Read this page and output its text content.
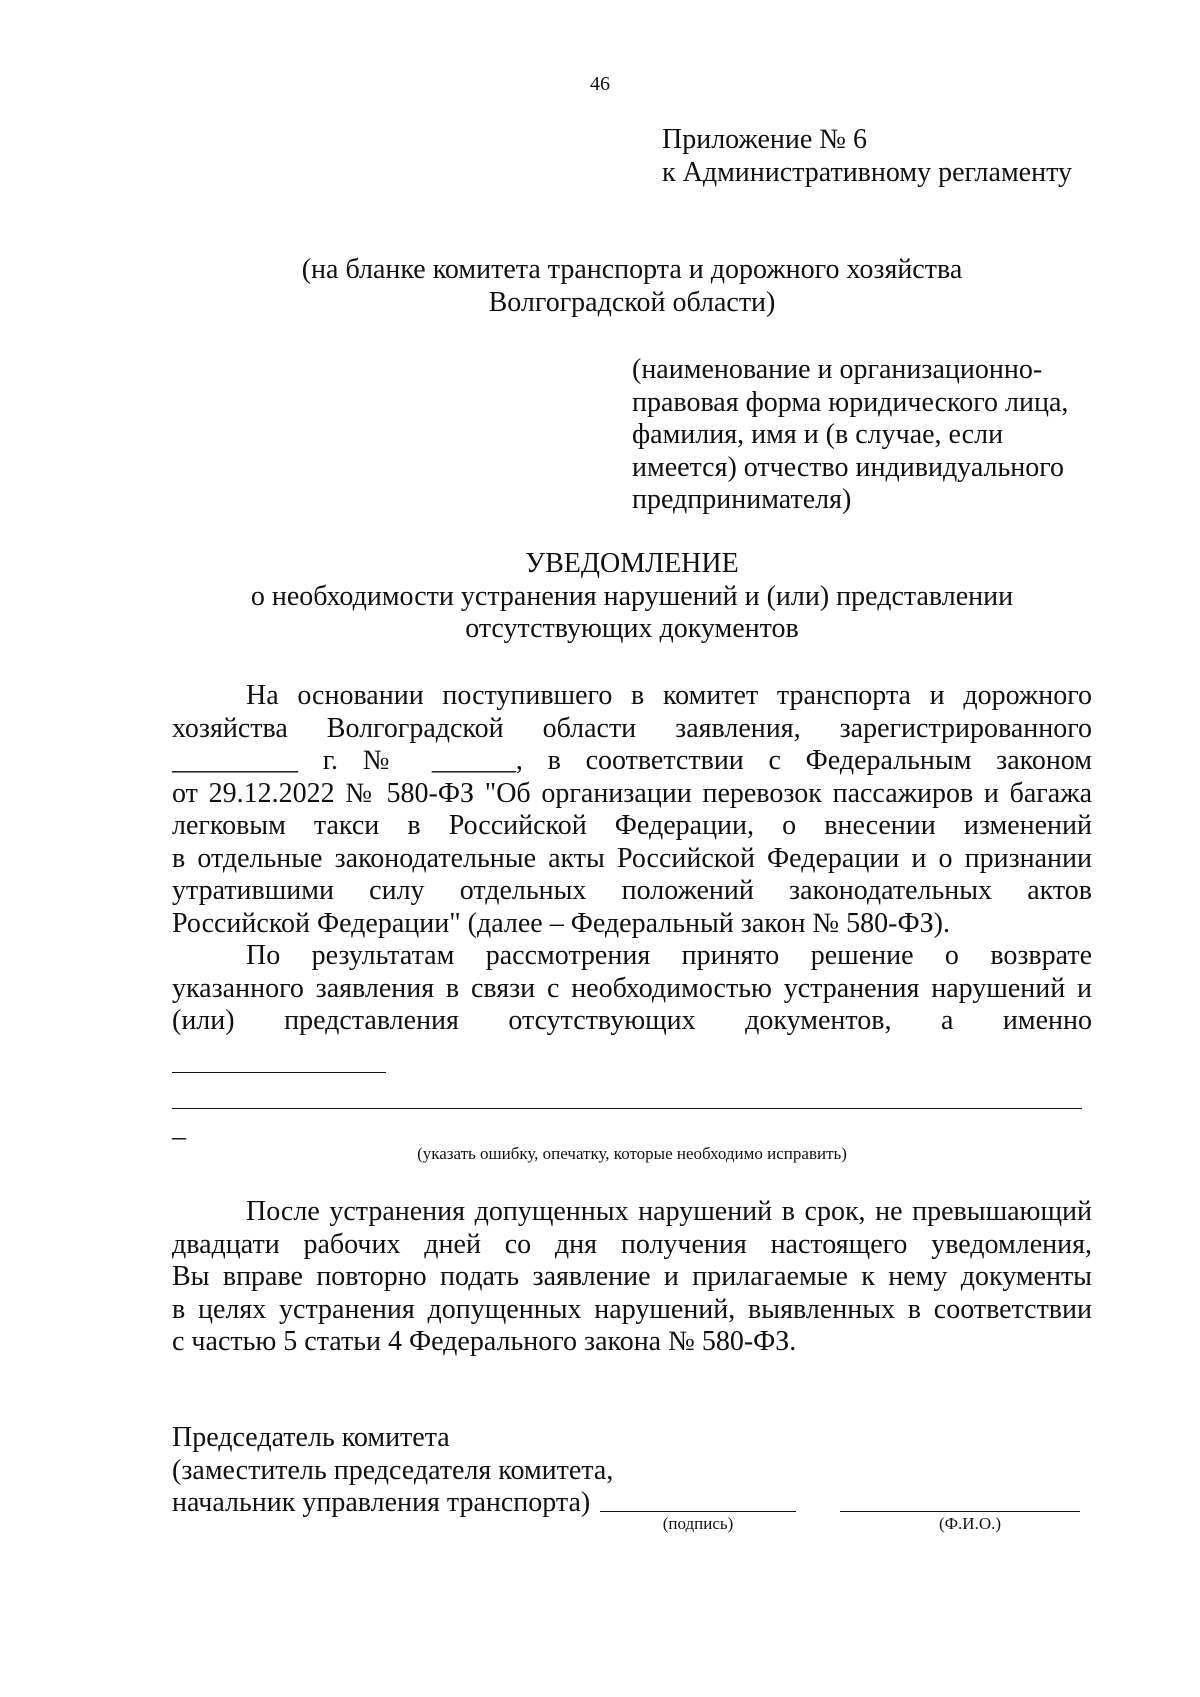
46
Приложение № 6
к Административному регламенту
(на бланке комитета транспорта и дорожного хозяйства
Волгоградской области)
(наименование и организационно-
правовая форма юридического лица,
фамилия, имя и (в случае, если
имеется) отчество индивидуального
предпринимателя)
УВЕДОМЛЕНИЕ
о необходимости устранения нарушений и (или) представлении
отсутствующих документов
На основании поступившего в комитет транспорта и дорожного
хозяйства Волгоградской области заявления, зарегистрированного
_________ г. № ______, в соответствии с Федеральным законом
от 29.12.2022 № 580-ФЗ "Об организации перевозок пассажиров и багажа
легковым такси в Российской Федерации, о внесении изменений
в отдельные законодательные акты Российской Федерации и о признании
утратившими силу отдельных положений законодательных актов
Российской Федерации" (далее – Федеральный закон № 580-ФЗ).
По результатам рассмотрения принято решение о возврате
указанного заявления в связи с необходимостью устранения нарушений и
(или) представления отсутствующих документов, а именно
_
(указать ошибку, опечатку, которые необходимо исправить)
После устранения допущенных нарушений в срок, не превышающий
двадцати рабочих дней со дня получения настоящего уведомления,
Вы вправе повторно подать заявление и прилагаемые к нему документы
в целях устранения допущенных нарушений, выявленных в соответствии
с частью 5 статьи 4 Федерального закона № 580-ФЗ.
Председатель комитета
(заместитель председателя комитета,
начальник управления транспорта)
(подпись)	(Ф.И.О.)
